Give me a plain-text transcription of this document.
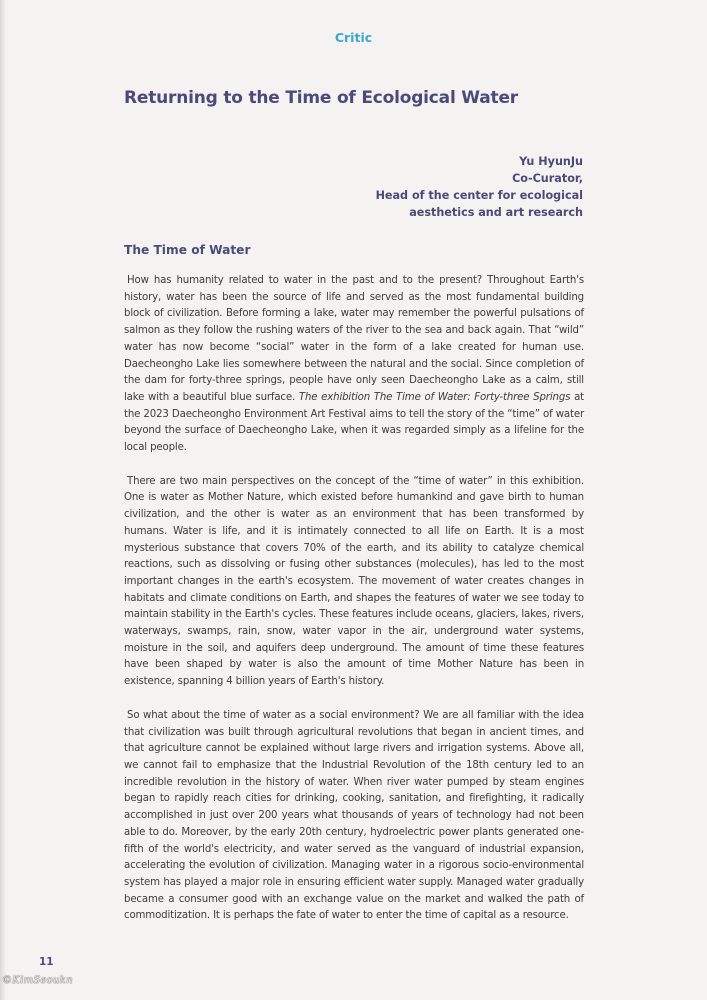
Critic
Returning to the Time of Ecological Water
Yu HyunJu
Co-Curator,
Head of the center for ecological
aesthetics and art research
The Time of Water

How has humanity related to water in the past and to the present? Throughout Earth's history, water has been the source of life and served as the most fundamental building block of civilization. Before forming a lake, water may remember the powerful pulsations of salmon as they follow the rushing waters of the river to the sea and back again. That “wild” water has now become “social” water in the form of a lake created for human use. Daecheongho Lake lies somewhere between the natural and the social. Since completion of the dam for forty-three springs, people have only seen Daecheongho Lake as a calm, still lake with a beautiful blue surface. The exhibition The Time of Water: Forty-three Springs at the 2023 Daecheongho Environment Art Festival aims to tell the story of the “time” of water beyond the surface of Daecheongho Lake, when it was regarded simply as a lifeline for the local people.

There are two main perspectives on the concept of the “time of water” in this exhibition. One is water as Mother Nature, which existed before humankind and gave birth to human civilization, and the other is water as an environment that has been transformed by humans. Water is life, and it is intimately connected to all life on Earth. It is a most mysterious substance that covers 70% of the earth, and its ability to catalyze chemical reactions, such as dissolving or fusing other substances (molecules), has led to the most important changes in the earth's ecosystem. The movement of water creates changes in habitats and climate conditions on Earth, and shapes the features of water we see today to maintain stability in the Earth's cycles. These features include oceans, glaciers, lakes, rivers, waterways, swamps, rain, snow, water vapor in the air, underground water systems, moisture in the soil, and aquifers deep underground. The amount of time these features have been shaped by water is also the amount of time Mother Nature has been in existence, spanning 4 billion years of Earth's history.

So what about the time of water as a social environment? We are all familiar with the idea that civilization was built through agricultural revolutions that began in ancient times, and that agriculture cannot be explained without large rivers and irrigation systems. Above all, we cannot fail to emphasize that the Industrial Revolution of the 18th century led to an incredible revolution in the history of water. When river water pumped by steam engines began to rapidly reach cities for drinking, cooking, sanitation, and firefighting, it radically accomplished in just over 200 years what thousands of years of technology had not been able to do. Moreover, by the early 20th century, hydroelectric power plants generated one-fifth of the world's electricity, and water served as the vanguard of industrial expansion, accelerating the evolution of civilization. Managing water in a rigorous socio-environmental system has played a major role in ensuring efficient water supply. Managed water gradually became a consumer good with an exchange value on the market and walked the path of commoditization. It is perhaps the fate of water to enter the time of capital as a resource.

11
©KimSeoukn
